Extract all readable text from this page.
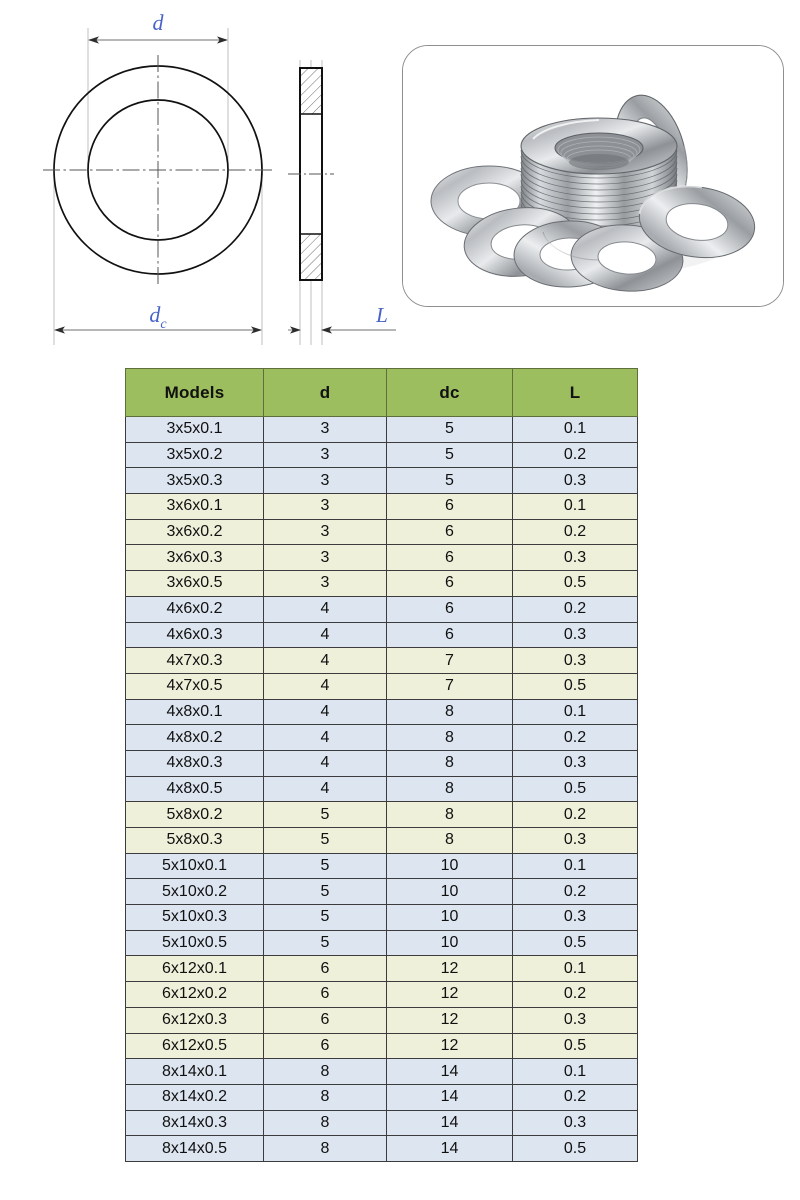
d
$d_c$	L
Models	d	dc	L
3x5x0.1	3	5	0.1
3x5x0.2	3	5	0.2
3x5x0.3	3	5	0.3
3x6x0.1	3	6	0.1
3x6x0.2	3	6	0.2
3x6x0.3	3	6	0.3
3x6x0.5	3	6	0.5
4x6x0.2	4	6	0.2
4x6x0.3	4	6	0.3
4x7x0.3	4	7	0.3
4x7x0.5	4	7	0.5
4x8x0.1	4	8	0.1
4x8x0.2	4	8	0.2
4x8x0.3	4	8	0.3
4x8x0.5	4	8	0.5
5x8x0.2	5	8	0.2
5x8x0.3	5	8	0.3
5x10x0.1	5	10	0.1
5x10x0.2	5	10	0.2
5x10x0.3	5	10	0.3
5x10x0.5	5	10	0.5
6x12x0.1	6	12	0.1
6x12x0.2	6	12	0.2
6x12x0.3	6	12	0.3
6x12x0.5	6	12	0.5
8x14x0.1	8	14	0.1
8x14x0.2	8	14	0.2
8x14x0.3	8	14	0.3
8x14x0.5	8	14	0.5
